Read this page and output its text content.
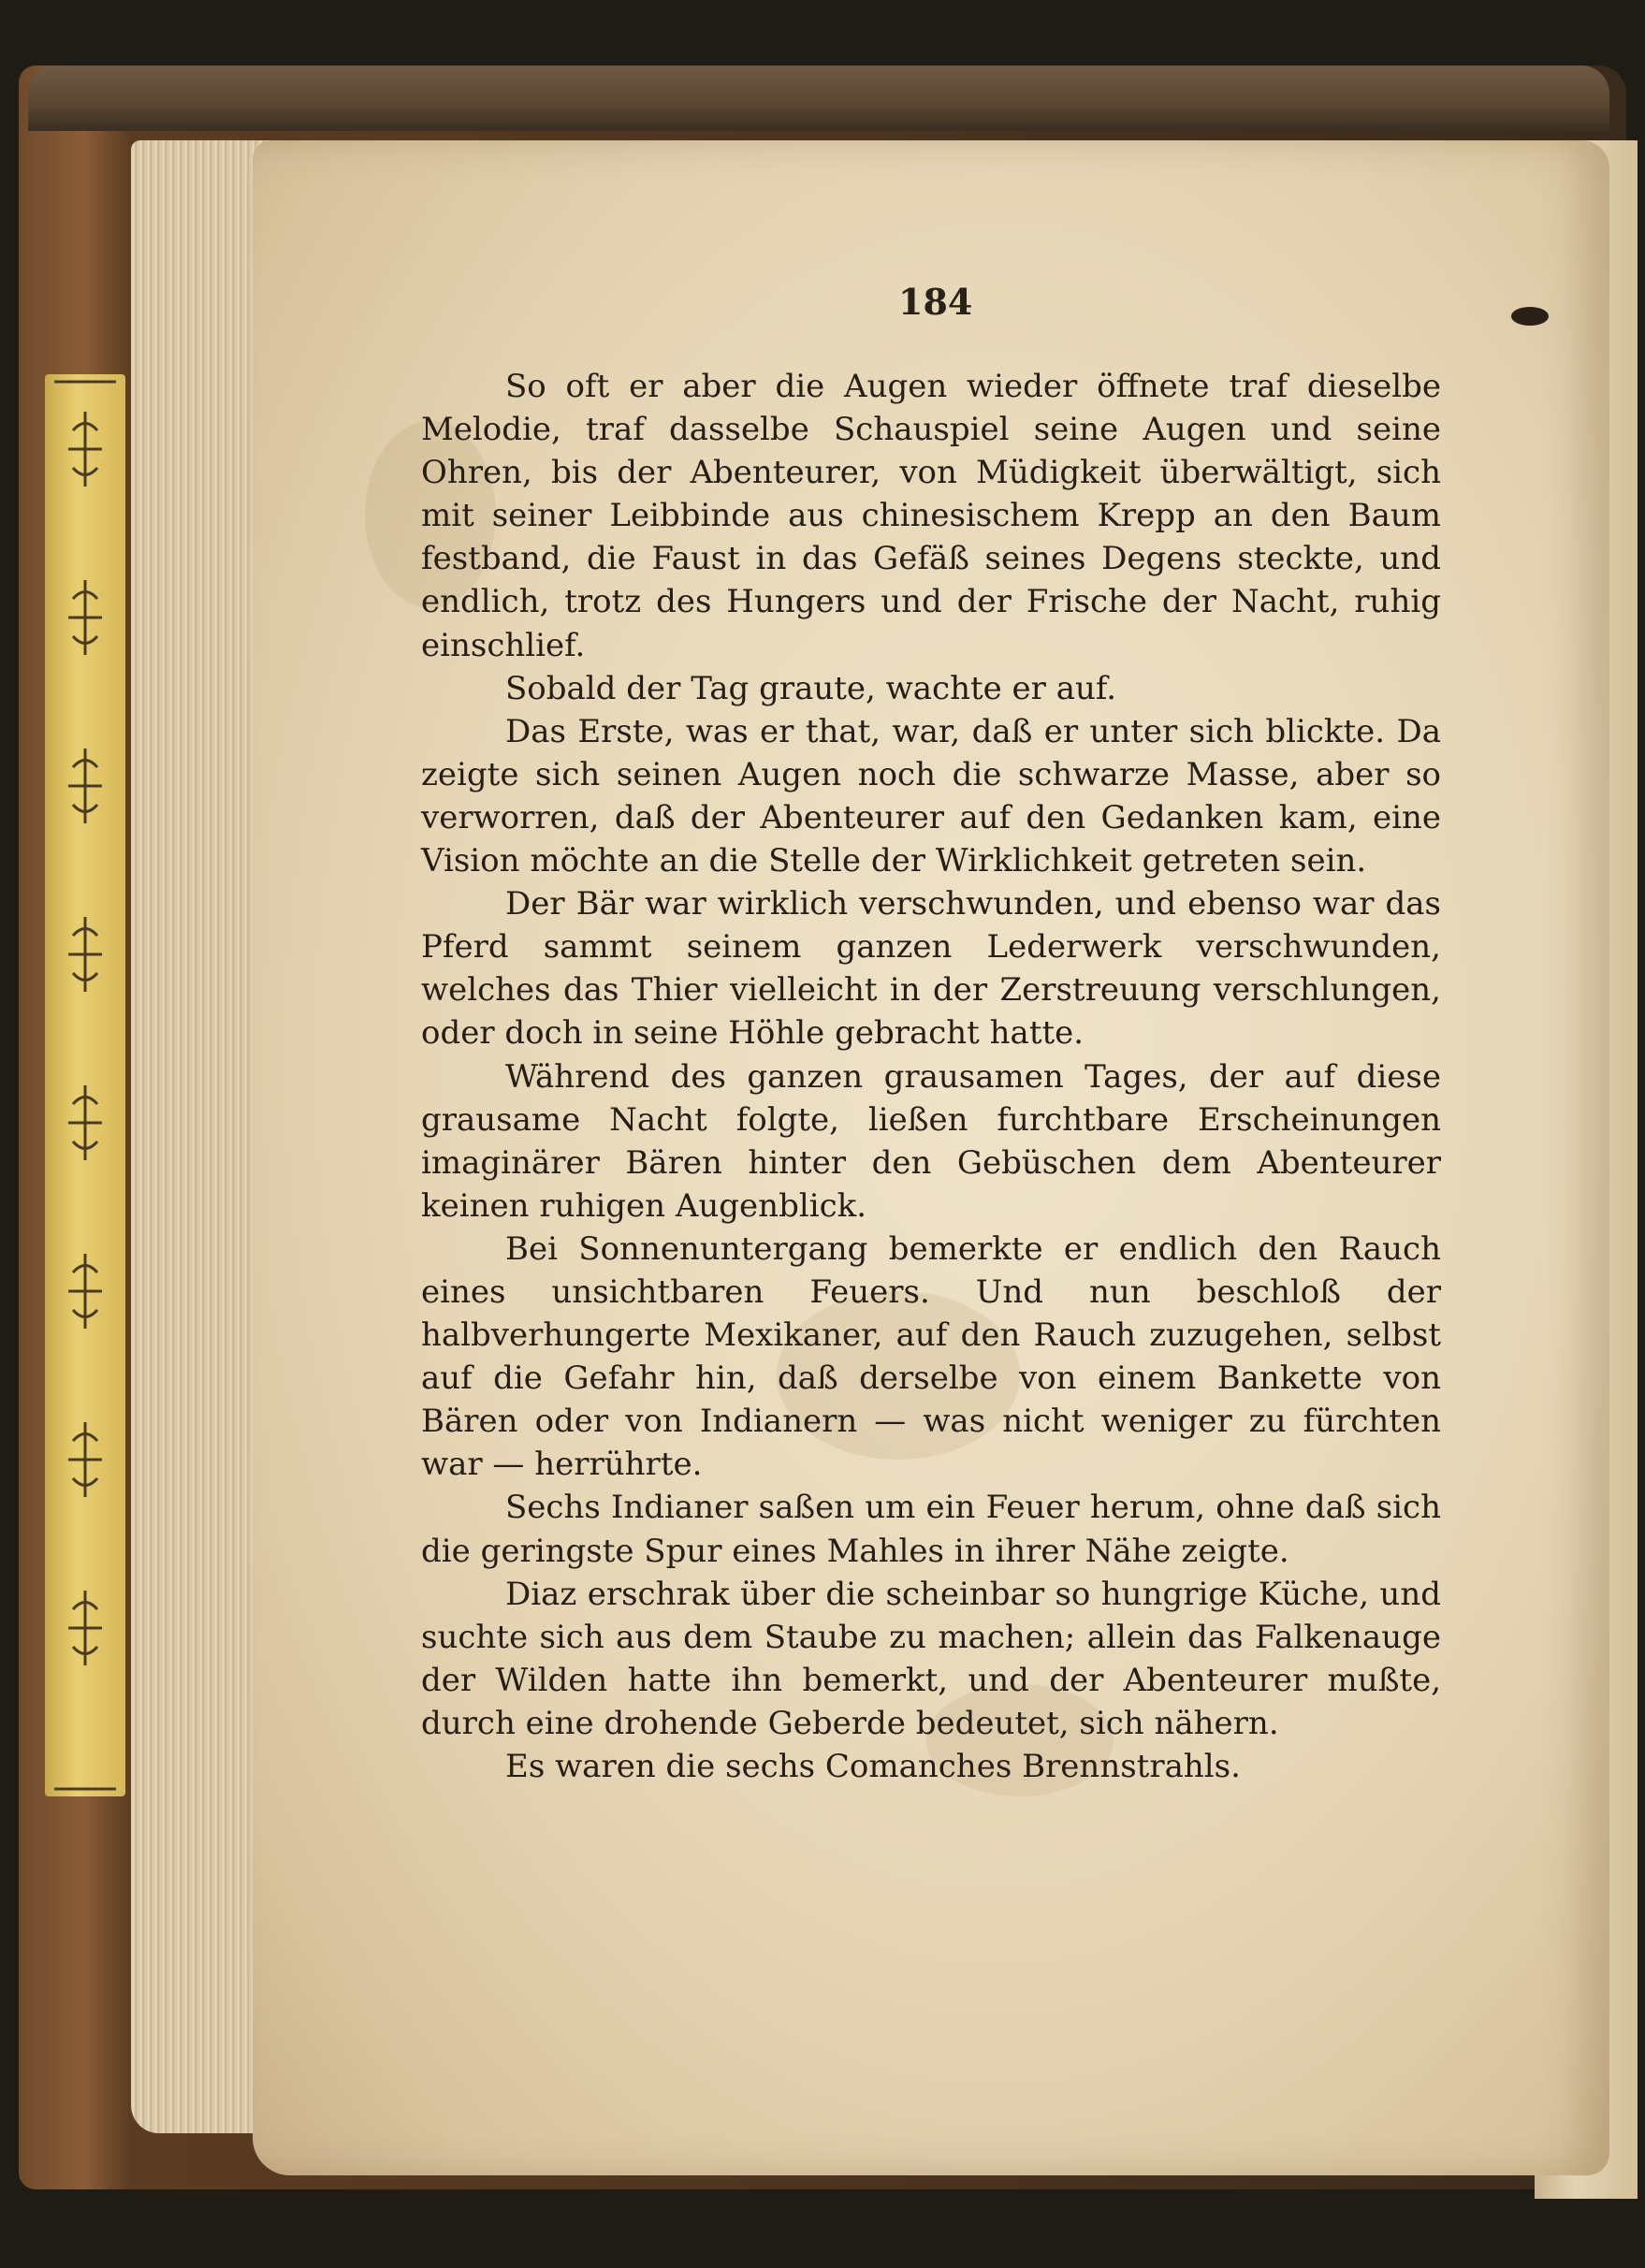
184

So oft er aber die Augen wieder öffnete traf dieselbe Melodie, traf dasselbe Schauspiel seine Augen und seine Ohren, bis der Abenteurer, von Müdigkeit überwältigt, sich mit seiner Leibbinde aus chinesischem Krepp an den Baum festband, die Faust in das Gefäß seines Degens steckte, und endlich, trotz des Hungers und der Frische der Nacht, ruhig einschlief.

Sobald der Tag graute, wachte er auf.

Das Erste, was er that, war, daß er unter sich blickte. Da zeigte sich seinen Augen noch die schwarze Masse, aber so verworren, daß der Abenteurer auf den Gedanken kam, eine Vision möchte an die Stelle der Wirklichkeit getreten sein.

Der Bär war wirklich verschwunden, und ebenso war das Pferd sammt seinem ganzen Lederwerk verschwunden, welches das Thier vielleicht in der Zerstreuung verschlungen, oder doch in seine Höhle gebracht hatte.

Während des ganzen grausamen Tages, der auf diese grausame Nacht folgte, ließen furchtbare Erscheinungen imaginärer Bären hinter den Gebüschen dem Abenteurer keinen ruhigen Augenblick.

Bei Sonnenuntergang bemerkte er endlich den Rauch eines unsichtbaren Feuers. Und nun beschloß der halbverhungerte Mexikaner, auf den Rauch zuzugehen, selbst auf die Gefahr hin, daß derselbe von einem Bankette von Bären oder von Indianern — was nicht weniger zu fürchten war — herrührte.

Sechs Indianer saßen um ein Feuer herum, ohne daß sich die geringste Spur eines Mahles in ihrer Nähe zeigte.

Diaz erschrak über die scheinbar so hungrige Küche, und suchte sich aus dem Staube zu machen; allein das Falkenauge der Wilden hatte ihn bemerkt, und der Abenteurer mußte, durch eine drohende Geberde bedeutet, sich nähern.

Es waren die sechs Comanches Brennstrahls.
